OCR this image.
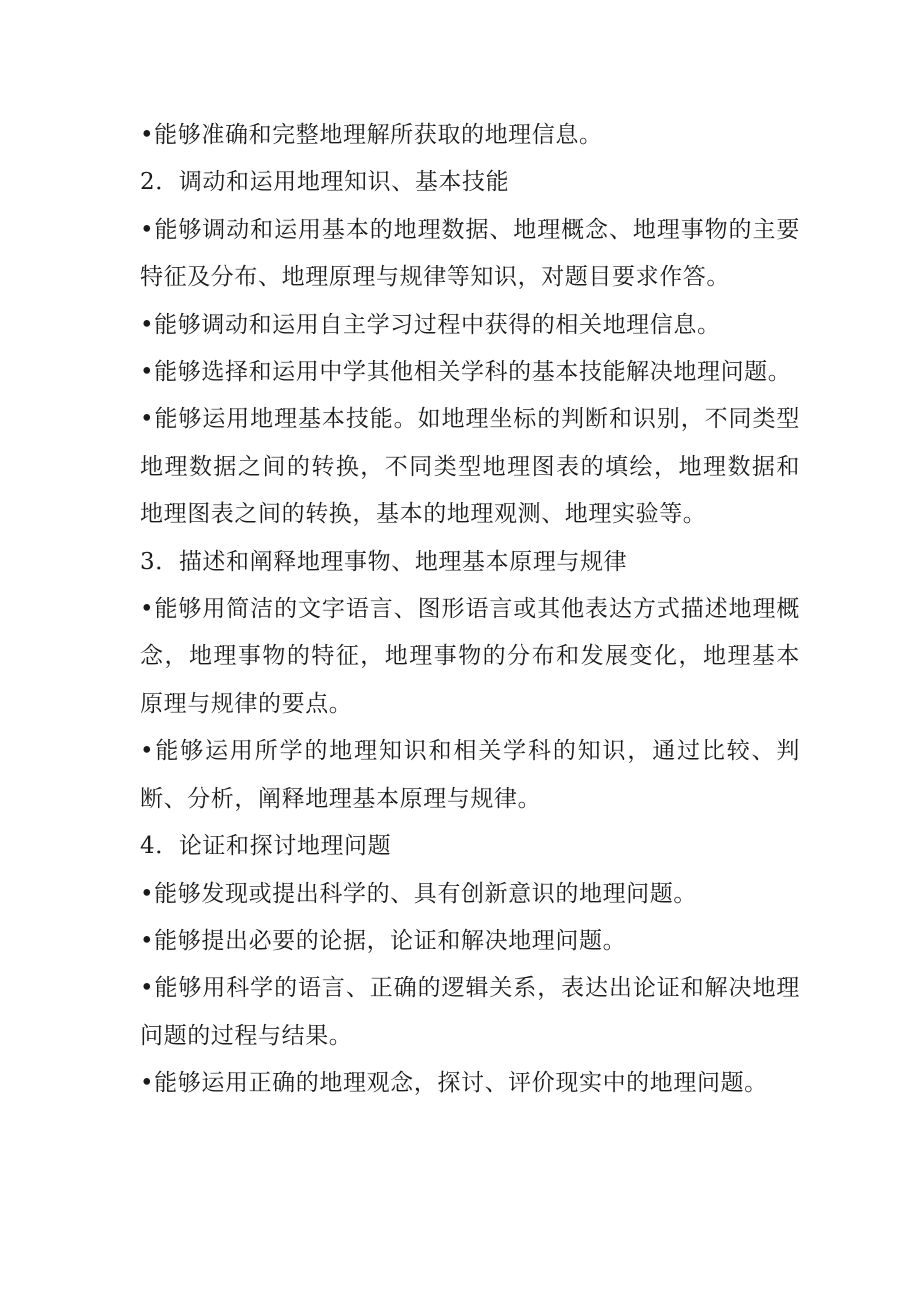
•能够准确和完整地理解所获取的地理信息。

2．调动和运用地理知识、基本技能

•能够调动和运用基本的地理数据、地理概念、地理事物的主要特征及分布、地理原理与规律等知识，对题目要求作答。

•能够调动和运用自主学习过程中获得的相关地理信息。

•能够选择和运用中学其他相关学科的基本技能解决地理问题。

•能够运用地理基本技能。如地理坐标的判断和识别，不同类型地理数据之间的转换，不同类型地理图表的填绘，地理数据和地理图表之间的转换，基本的地理观测、地理实验等。

3．描述和阐释地理事物、地理基本原理与规律

•能够用简洁的文字语言、图形语言或其他表达方式描述地理概念，地理事物的特征，地理事物的分布和发展变化，地理基本原理与规律的要点。

•能够运用所学的地理知识和相关学科的知识，通过比较、判断、分析，阐释地理基本原理与规律。

4．论证和探讨地理问题

•能够发现或提出科学的、具有创新意识的地理问题。

•能够提出必要的论据，论证和解决地理问题。

•能够用科学的语言、正确的逻辑关系，表达出论证和解决地理问题的过程与结果。

•能够运用正确的地理观念，探讨、评价现实中的地理问题。
